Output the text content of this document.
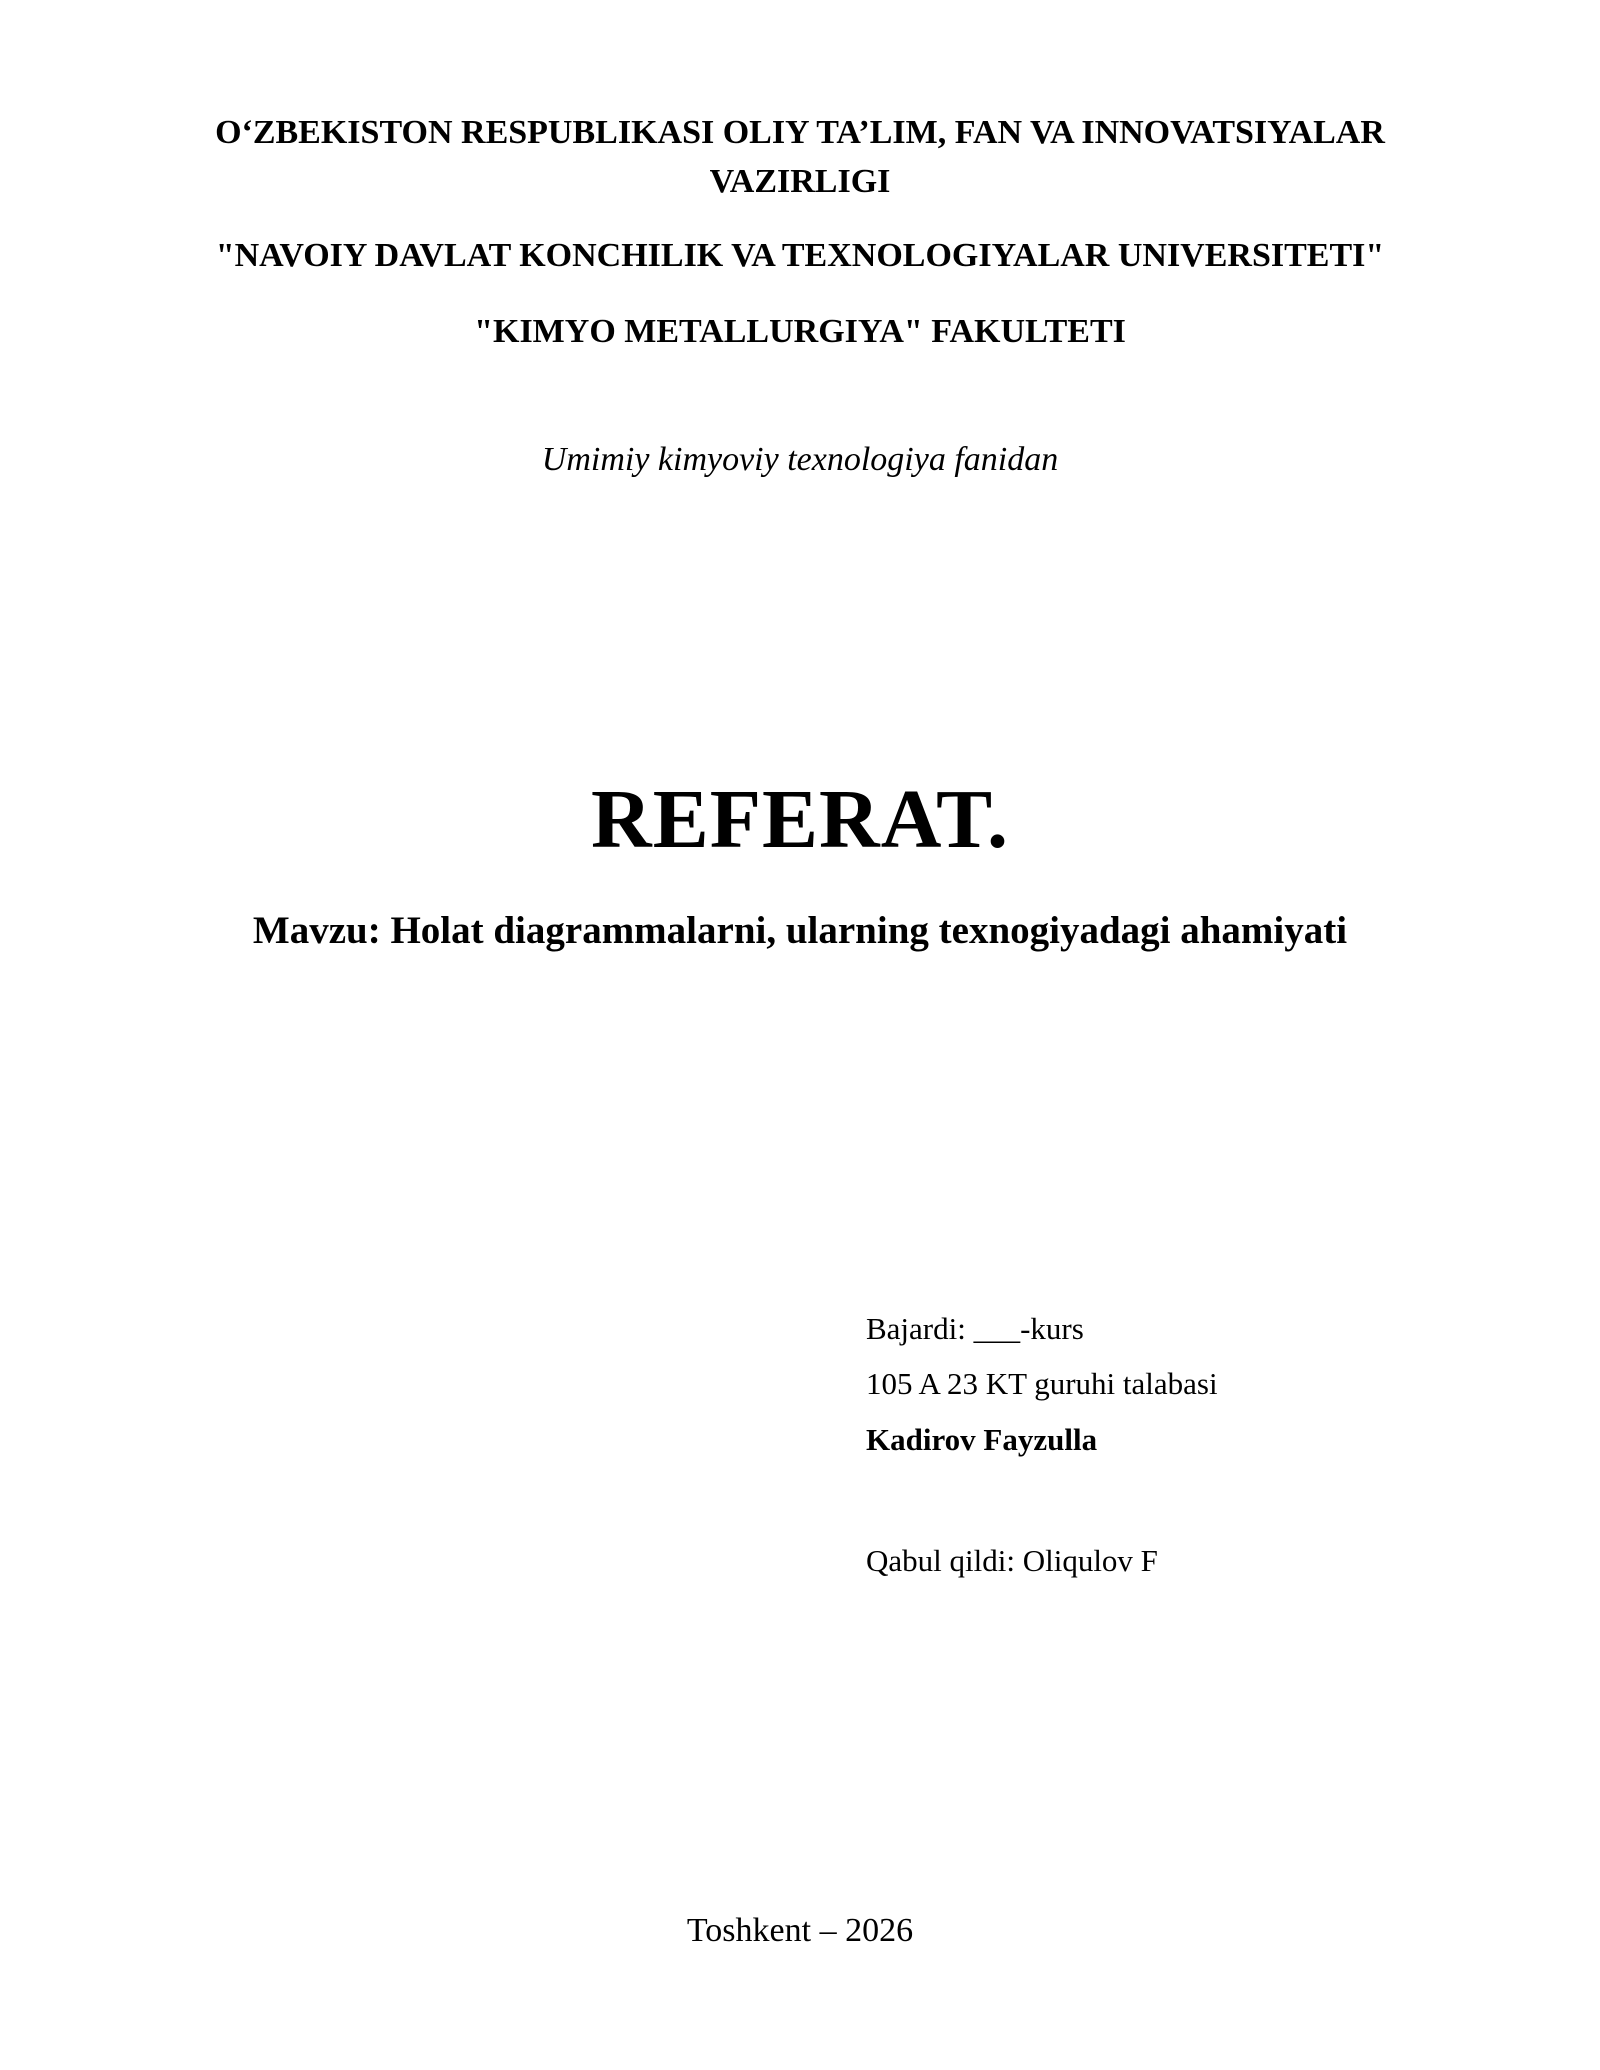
O‘ZBEKISTON RESPUBLIKASI OLIY TA’LIM, FAN VA INNOVATSIYALAR
VAZIRLIGI
"NAVOIY DAVLAT KONCHILIK VA TEXNOLOGIYALAR UNIVERSITETI"
"KIMYO METALLURGIYA" FAKULTETI
Umimiy kimyoviy texnologiya fanidan
REFERAT.
Mavzu: Holat diagrammalarni, ularning texnogiyadagi ahamiyati
Bajardi: ___-kurs
105 A 23 KT guruhi talabasi
Kadirov Fayzulla
Qabul qildi: Oliqulov F
Toshkent – 2026
